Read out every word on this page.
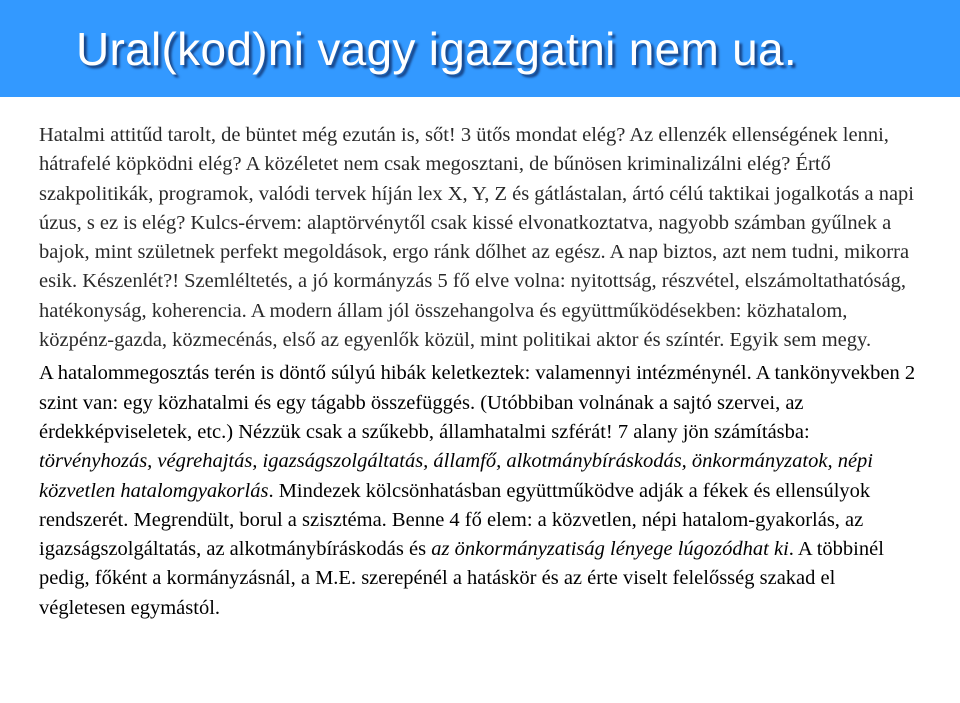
Ural(kod)ni vagy igazgatni nem ua.

Hatalmi attitűd tarolt, de büntet még ezután is, sőt! 3 ütős mondat elég? Az ellenzék ellenségének lenni, hátrafelé köpködni elég? A közéletet nem csak megosztani, de bűnösen kriminalizálni elég? Értő szakpolitikák, programok, valódi tervek híján lex X, Y, Z és gátlástalan, ártó célú taktikai jogalkotás a napi úzus, s ez is elég? Kulcs-érvem: alaptörvénytől csak kissé elvonatkoztatva, nagyobb számban gyűlnek a bajok, mint születnek perfekt megoldások, ergo ránk dőlhet az egész. A nap biztos, azt nem tudni, mikorra esik. Készenlét?! Szemléltetés, a jó kormányzás 5 fő elve volna: nyitottság, részvétel, elszámoltathatóság, hatékonyság, koherencia. A modern állam jól összehangolva és együttműködésekben: közhatalom, közpénz-gazda, közmecénás, első az egyenlők közül, mint politikai aktor és színtér. Egyik sem megy.

A hatalommegosztás terén is döntő súlyú hibák keletkeztek: valamennyi intézménynél. A tankönyvekben 2 szint van: egy közhatalmi és egy tágabb összefüggés. (Utóbbiban volnának a sajtó szervei, az érdekképviseletek, etc.) Nézzük csak a szűkebb, államhatalmi szférát! 7 alany jön számításba: törvényhozás, végrehajtás, igazságszolgáltatás, államfő, alkotmánybíráskodás, önkormányzatok, népi közvetlen hatalomgyakorlás. Mindezek kölcsönhatásban együttműködve adják a fékek és ellensúlyok rendszerét. Megrendült, borul a szisztéma. Benne 4 fő elem: a közvetlen, népi hatalom-gyakorlás, az igazságszolgáltatás, az alkotmánybíráskodás és az önkormányzatiság lényege lúgozódhat ki. A többinél pedig, főként a kormányzásnál, a M.E. szerepénél a hatáskör és az érte viselt felelősség szakad el végletesen egymástól.
